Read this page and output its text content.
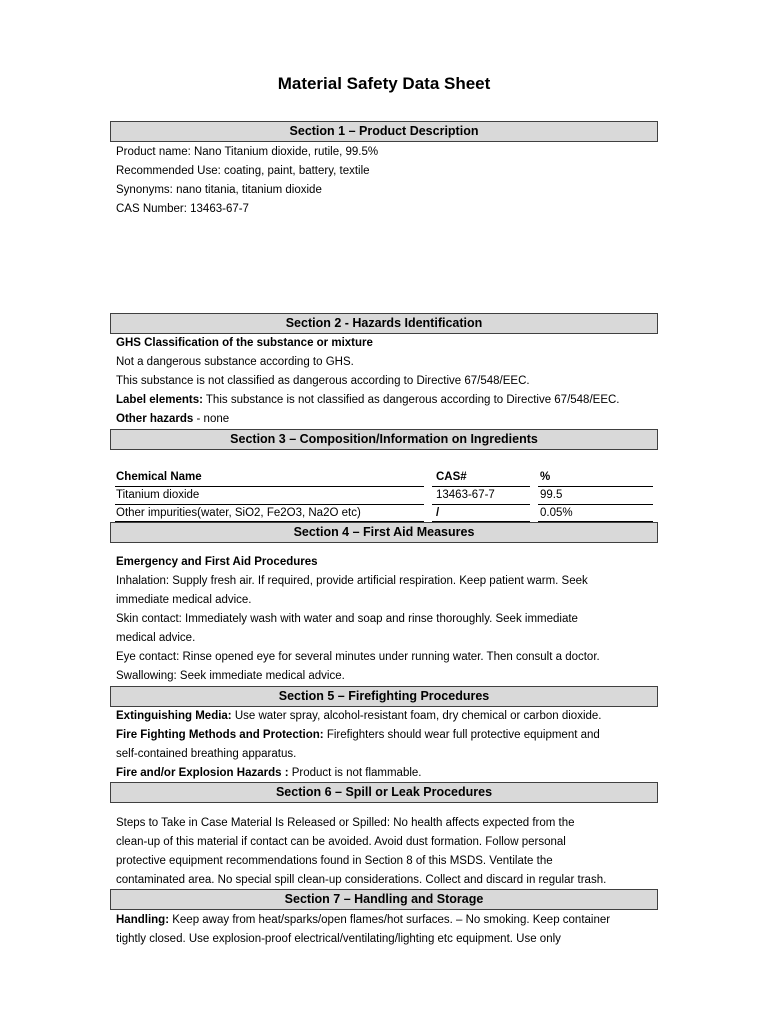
Material Safety Data Sheet
Section 1 – Product Description
Product name: Nano Titanium dioxide, rutile, 99.5%
Recommended Use: coating, paint, battery, textile
Synonyms: nano titania, titanium dioxide
CAS Number: 13463-67-7
Section 2 - Hazards Identification
GHS Classification of the substance or mixture
Not a dangerous substance according to GHS.
This substance is not classified as dangerous according to Directive 67/548/EEC.
Label elements: This substance is not classified as dangerous according to Directive 67/548/EEC.
Other hazards - none
Section 3 – Composition/Information on Ingredients
Chemical Name	CAS#	%
Titanium dioxide	13463-67-7	99.5
Other impurities(water, SiO2, Fe2O3, Na2O etc)	/	0.05%
Section 4 – First Aid Measures
Emergency and First Aid Procedures
Inhalation: Supply fresh air. If required, provide artificial respiration. Keep patient warm. Seek
immediate medical advice.
Skin contact: Immediately wash with water and soap and rinse thoroughly. Seek immediate
medical advice.
Eye contact: Rinse opened eye for several minutes under running water. Then consult a doctor.
Swallowing: Seek immediate medical advice.
Section 5 – Firefighting Procedures
Extinguishing Media: Use water spray, alcohol-resistant foam, dry chemical or carbon dioxide.
Fire Fighting Methods and Protection: Firefighters should wear full protective equipment and
self-contained breathing apparatus.
Fire and/or Explosion Hazards : Product is not flammable.
Section 6 – Spill or Leak Procedures
Steps to Take in Case Material Is Released or Spilled: No health affects expected from the
clean-up of this material if contact can be avoided. Avoid dust formation. Follow personal
protective equipment recommendations found in Section 8 of this MSDS. Ventilate the
contaminated area. No special spill clean-up considerations. Collect and discard in regular trash.
Section 7 – Handling and Storage
Handling: Keep away from heat/sparks/open flames/hot surfaces. – No smoking. Keep container
tightly closed. Use explosion-proof electrical/ventilating/lighting etc equipment. Use only
